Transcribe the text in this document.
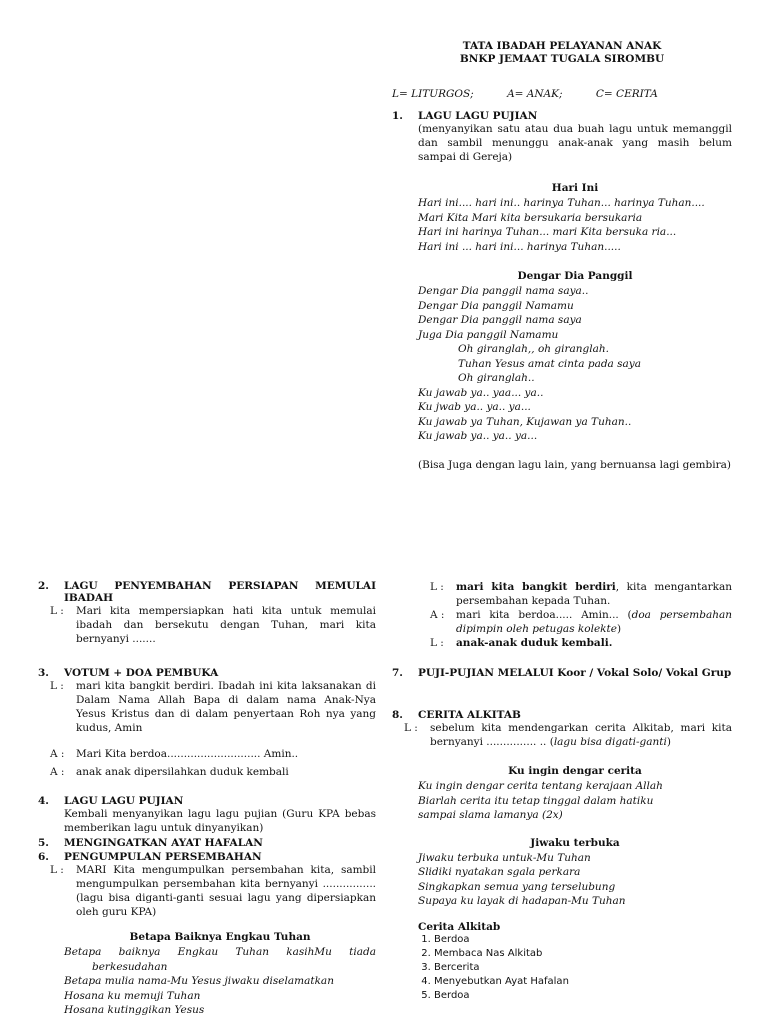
TATA IBADAH PELAYANAN ANAK
BNKP JEMAAT TUGALA SIROMBU
L= LITURGOS;	A= ANAK;	C= CERITA
1.	LAGU LAGU PUJIAN
(menyanyikan satu atau dua buah lagu untuk memanggil dan sambil menunggu anak-anak yang masih belum sampai di Gereja)
Hari Ini
Hari ini.... hari ini.. harinya Tuhan... harinya Tuhan....
Mari Kita Mari kita bersukaria bersukaria
Hari ini harinya Tuhan... mari Kita bersuka ria...
Hari ini ... hari ini... harinya Tuhan.....
Dengar Dia Panggil
Dengar Dia panggil nama saya..
Dengar Dia panggil Namamu
Dengar Dia panggil nama saya
Juga Dia panggil Namamu
Oh giranglah,, oh giranglah.
Tuhan Yesus amat cinta pada saya
Oh giranglah..
Ku jawab ya.. yaa... ya..
Ku jwab ya.. ya.. ya...
Ku jawab ya Tuhan, Kujawan ya Tuhan..
Ku jawab ya.. ya.. ya...
(Bisa Juga dengan lagu lain, yang bernuansa lagi gembira)
2.	LAGU PENYEMBAHAN PERSIAPAN MEMULAI IBADAH
L :	Mari kita mempersiapkan hati kita untuk memulai ibadah dan bersekutu dengan Tuhan, mari kita bernyanyi .......
3.	VOTUM + DOA PEMBUKA
L :	mari kita bangkit berdiri. Ibadah ini kita laksanakan di Dalam Nama Allah Bapa di dalam nama Anak-Nya Yesus Kristus dan di dalam penyertaan Roh nya yang kudus, Amin
A :	Mari Kita berdoa............................ Amin..
A :	anak anak dipersilahkan duduk kembali
4.	LAGU LAGU PUJIAN
Kembali menyanyikan lagu lagu pujian (Guru KPA bebas memberikan lagu untuk dinyanyikan)
5.	MENGINGATKAN AYAT HAFALAN
6.	PENGUMPULAN PERSEMBAHAN
L :	MARI Kita mengumpulkan persembahan kita, sambil mengumpulkan persembahan kita bernyanyi ................ (lagu bisa diganti-ganti sesuai lagu yang dipersiapkan oleh guru KPA)
Betapa Baiknya Engkau Tuhan
Betapa baiknya Engkau Tuhan kasihMu tiada berkesudahan
Betapa mulia nama-Mu Yesus jiwaku diselamatkan
Hosana ku memuji Tuhan
Hosana kutinggikan Yesus
L :	mari kita bangkit berdiri, kita mengantarkan persembahan kepada Tuhan.
A :	mari kita berdoa..... Amin... (doa persembahan dipimpin oleh petugas kolekte)
L :	anak-anak duduk kembali.
7.	PUJI-PUJIAN MELALUI Koor / Vokal Solo/ Vokal Grup
8.	CERITA ALKITAB
L :	sebelum kita mendengarkan cerita Alkitab, mari kita bernyanyi ............... .. (lagu bisa digati-ganti)
Ku ingin dengar cerita
Ku ingin dengar cerita tentang kerajaan Allah
Biarlah cerita itu tetap tinggal dalam hatiku
sampai slama lamanya (2x)
Jiwaku terbuka
Jiwaku terbuka untuk-Mu Tuhan
Slidiki nyatakan sgala perkara
Singkapkan semua yang terselubung
Supaya ku layak di hadapan-Mu Tuhan
Cerita Alkitab
1. Berdoa
2. Membaca Nas Alkitab
3. Bercerita
4. Menyebutkan Ayat Hafalan
5. Berdoa
